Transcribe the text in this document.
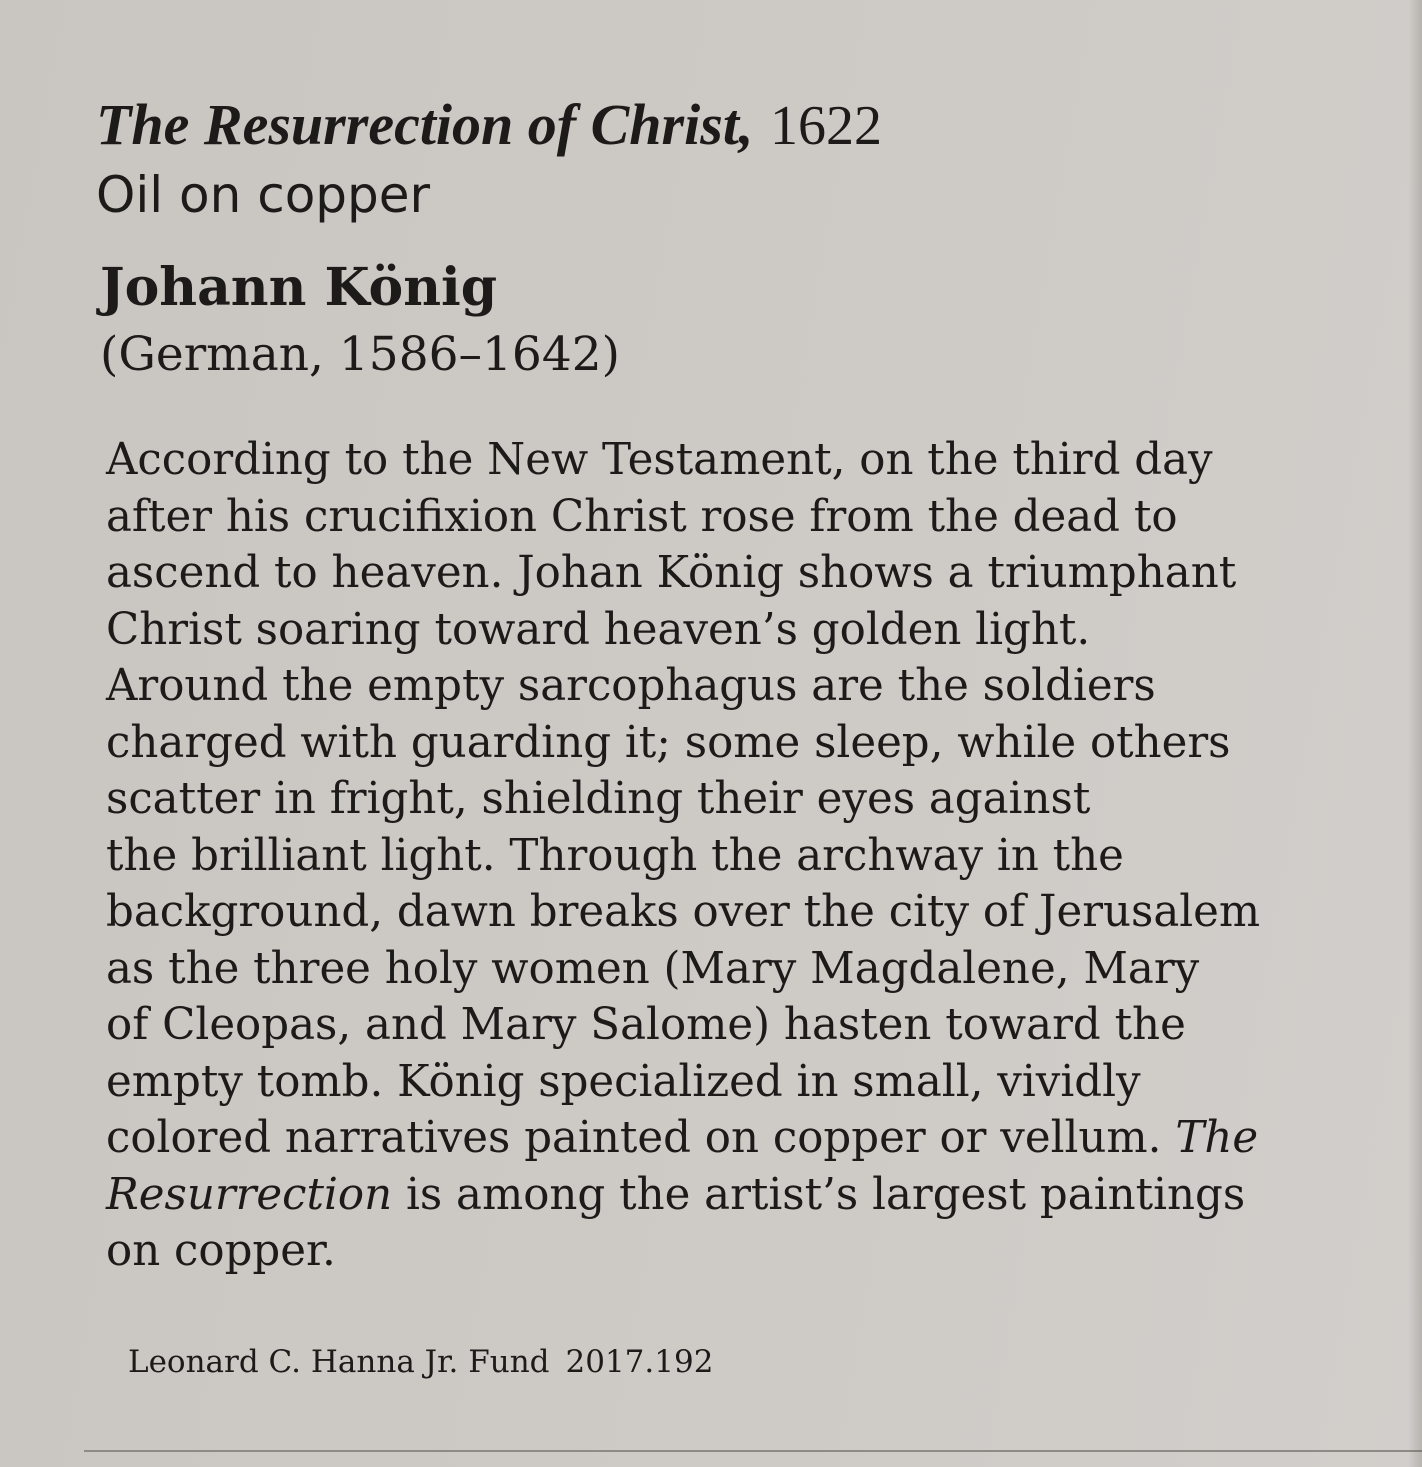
The Resurrection of Christ, 1622
Oil on copper
Johann König
(German, 1586–1642)
According to the New Testament, on the third day
after his crucifixion Christ rose from the dead to
ascend to heaven. Johan König shows a triumphant
Christ soaring toward heaven’s golden light.
Around the empty sarcophagus are the soldiers
charged with guarding it; some sleep, while others
scatter in fright, shielding their eyes against
the brilliant light. Through the archway in the
background, dawn breaks over the city of Jerusalem
as the three holy women (Mary Magdalene, Mary
of Cleopas, and Mary Salome) hasten toward the
empty tomb. König specialized in small, vividly
colored narratives painted on copper or vellum. The
Resurrection is among the artist’s largest paintings
on copper.
Leonard C. Hanna Jr. Fund 2017.192
